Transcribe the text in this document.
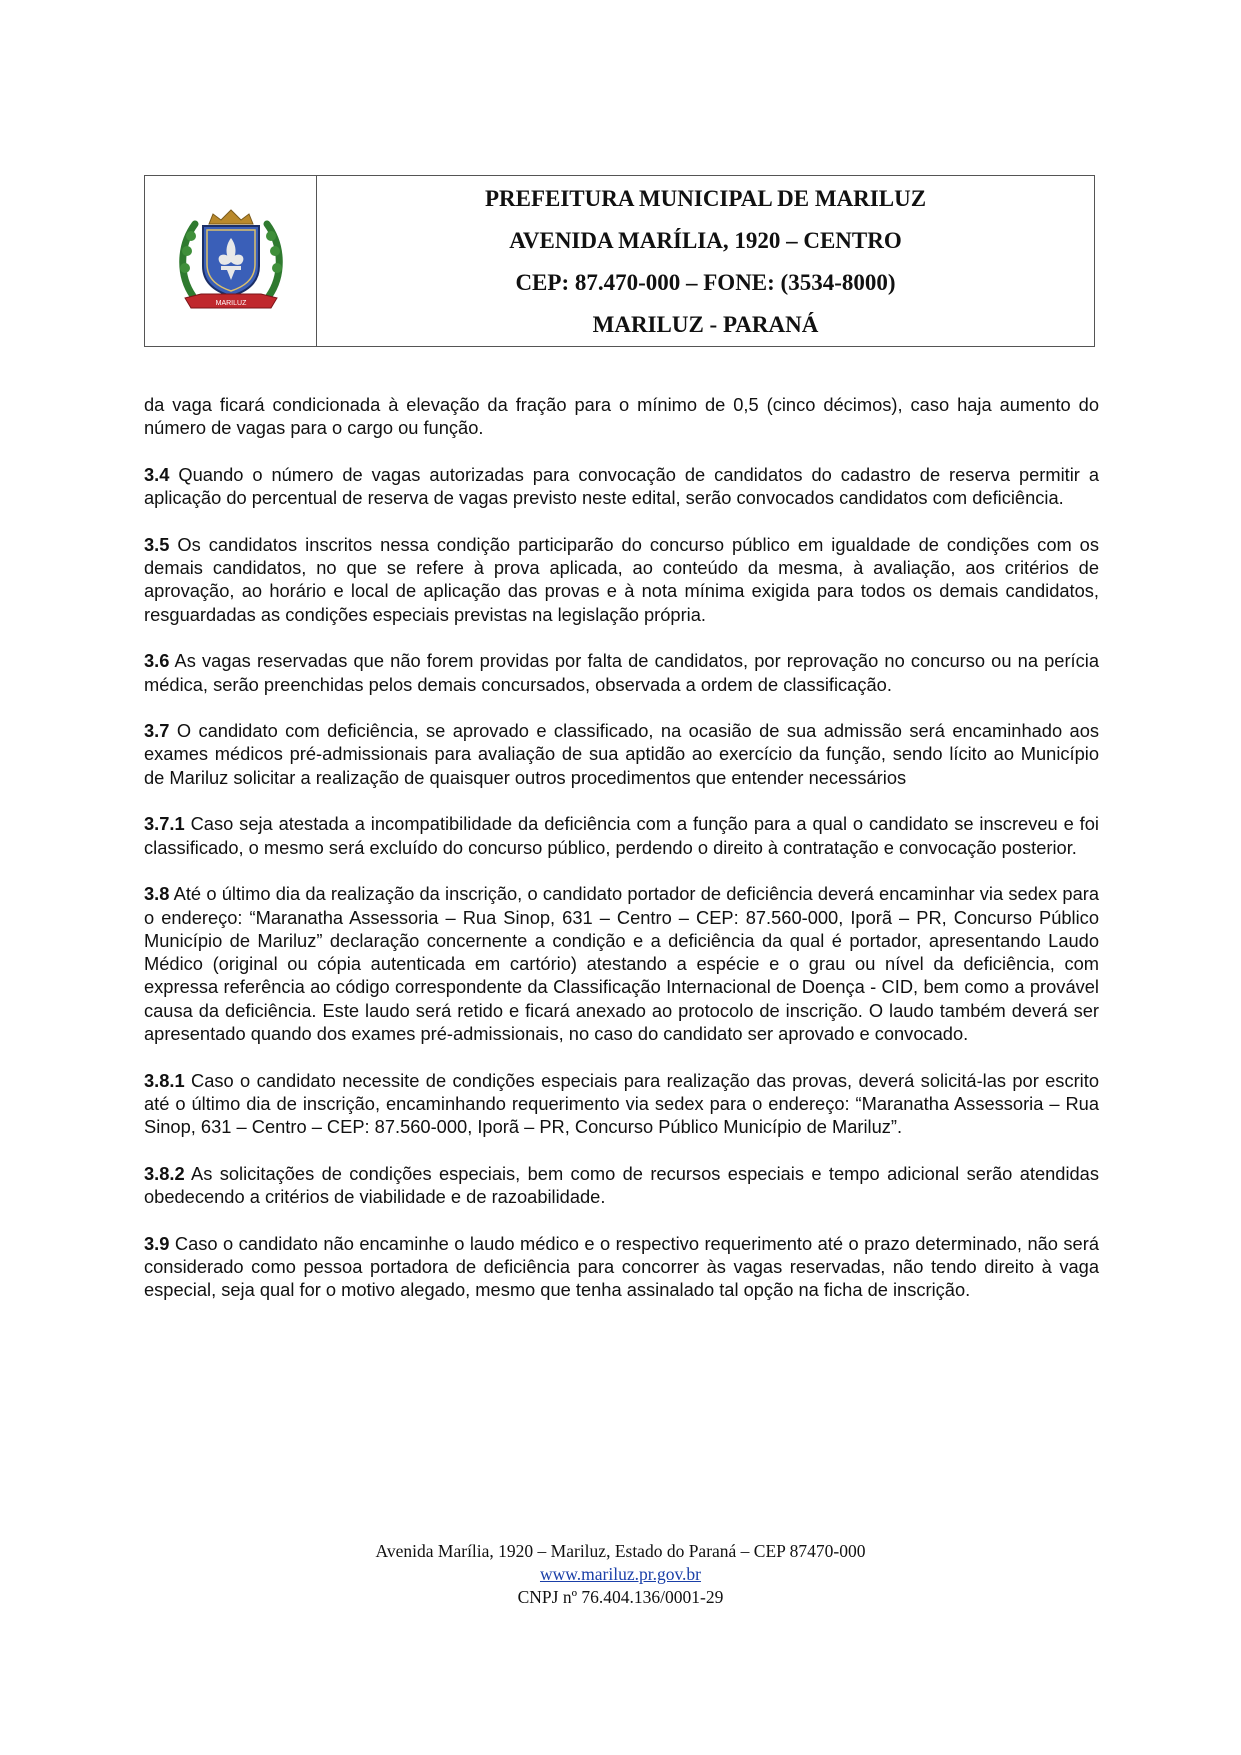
MARILUZ
PREFEITURA MUNICIPAL DE MARILUZ
AVENIDA MARÍLIA, 1920 – CENTRO
CEP: 87.470-000 – FONE: (3534-8000)
MARILUZ - PARANÁ

da vaga ficará condicionada à elevação da fração para o mínimo de 0,5 (cinco décimos), caso haja aumento do número de vagas para o cargo ou função.

3.4 Quando o número de vagas autorizadas para convocação de candidatos do cadastro de reserva permitir a aplicação do percentual de reserva de vagas previsto neste edital, serão convocados candidatos com deficiência.

3.5 Os candidatos inscritos nessa condição participarão do concurso público em igualdade de condições com os demais candidatos, no que se refere à prova aplicada, ao conteúdo da mesma, à avaliação, aos critérios de aprovação, ao horário e local de aplicação das provas e à nota mínima exigida para todos os demais candidatos, resguardadas as condições especiais previstas na legislação própria.

3.6 As vagas reservadas que não forem providas por falta de candidatos, por reprovação no concurso ou na perícia médica, serão preenchidas pelos demais concursados, observada a ordem de classificação.

3.7 O candidato com deficiência, se aprovado e classificado, na ocasião de sua admissão será encaminhado aos exames médicos pré-admissionais para avaliação de sua aptidão ao exercício da função, sendo lícito ao Município de Mariluz solicitar a realização de quaisquer outros procedimentos que entender necessários

3.7.1 Caso seja atestada a incompatibilidade da deficiência com a função para a qual o candidato se inscreveu e foi classificado, o mesmo será excluído do concurso público, perdendo o direito à contratação e convocação posterior.

3.8 Até o último dia da realização da inscrição, o candidato portador de deficiência deverá encaminhar via sedex para o endereço: “Maranatha Assessoria – Rua Sinop, 631 – Centro – CEP: 87.560-000, Iporã – PR, Concurso Público Município de Mariluz” declaração concernente a condição e a deficiência da qual é portador, apresentando Laudo Médico (original ou cópia autenticada em cartório) atestando a espécie e o grau ou nível da deficiência, com expressa referência ao código correspondente da Classificação Internacional de Doença - CID, bem como a provável causa da deficiência. Este laudo será retido e ficará anexado ao protocolo de inscrição. O laudo também deverá ser apresentado quando dos exames pré-admissionais, no caso do candidato ser aprovado e convocado.

3.8.1 Caso o candidato necessite de condições especiais para realização das provas, deverá solicitá-las por escrito até o último dia de inscrição, encaminhando requerimento via sedex para o endereço: “Maranatha Assessoria – Rua Sinop, 631 – Centro – CEP: 87.560-000, Iporã – PR, Concurso Público Município de Mariluz”.

3.8.2 As solicitações de condições especiais, bem como de recursos especiais e tempo adicional serão atendidas obedecendo a critérios de viabilidade e de razoabilidade.

3.9 Caso o candidato não encaminhe o laudo médico e o respectivo requerimento até o prazo determinado, não será considerado como pessoa portadora de deficiência para concorrer às vagas reservadas, não tendo direito à vaga especial, seja qual for o motivo alegado, mesmo que tenha assinalado tal opção na ficha de inscrição.

Avenida Marília, 1920 – Mariluz, Estado do Paraná – CEP 87470-000
www.mariluz.pr.gov.br
CNPJ nº 76.404.136/0001-29
